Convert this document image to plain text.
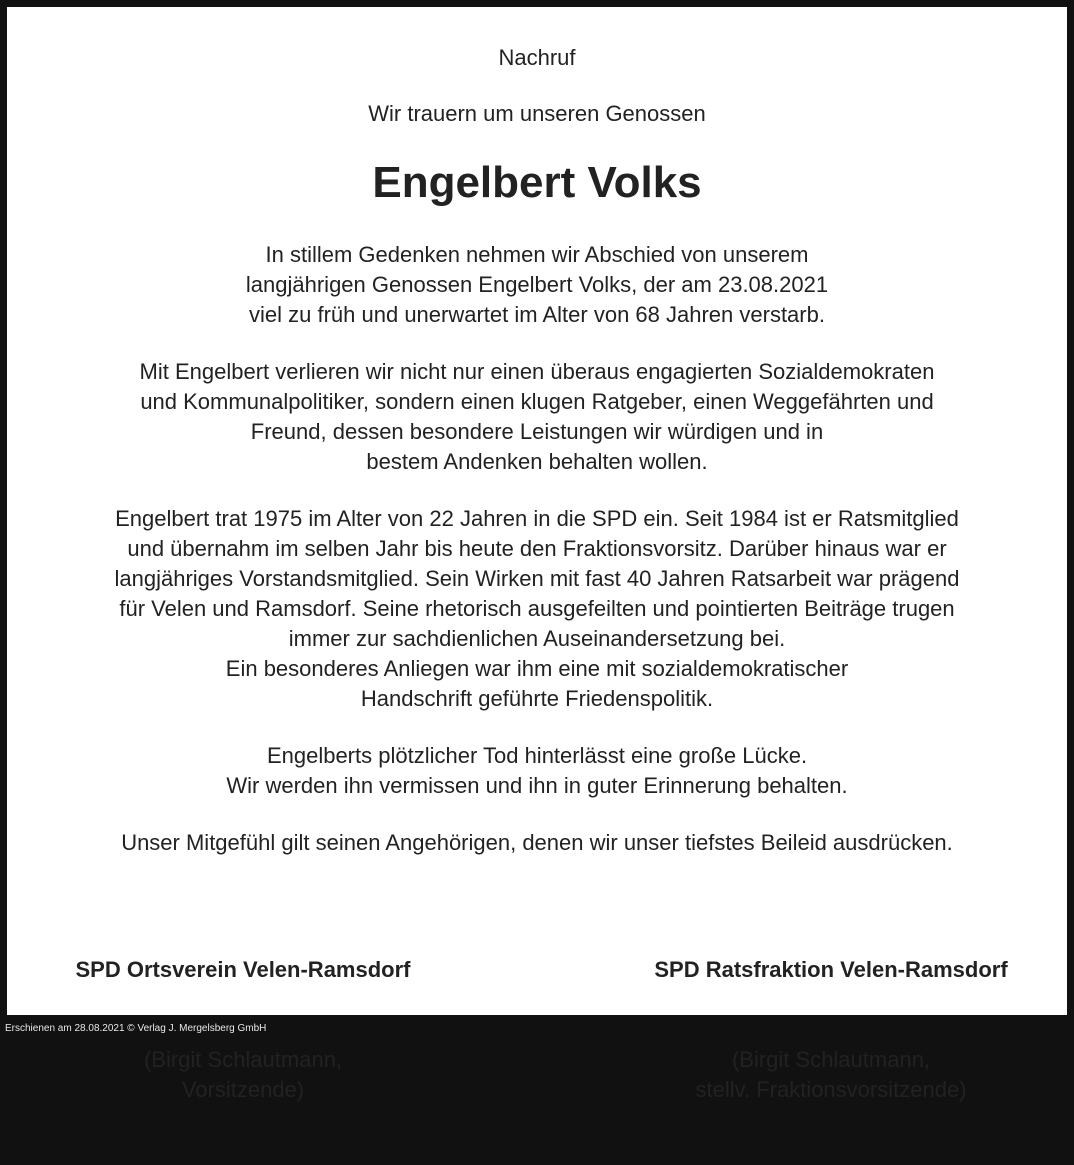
Nachruf
Wir trauern um unseren Genossen
Engelbert Volks
In stillem Gedenken nehmen wir Abschied von unserem
langjährigen Genossen Engelbert Volks, der am 23.08.2021
viel zu früh und unerwartet im Alter von 68 Jahren verstarb.
Mit Engelbert verlieren wir nicht nur einen überaus engagierten Sozialdemokraten
und Kommunalpolitiker, sondern einen klugen Ratgeber, einen Weggefährten und
Freund, dessen besondere Leistungen wir würdigen und in
bestem Andenken behalten wollen.
Engelbert trat 1975 im Alter von 22 Jahren in die SPD ein. Seit 1984 ist er Ratsmitglied
und übernahm im selben Jahr bis heute den Fraktionsvorsitz. Darüber hinaus war er
langjähriges Vorstandsmitglied. Sein Wirken mit fast 40 Jahren Ratsarbeit war prägend
für Velen und Ramsdorf. Seine rhetorisch ausgefeilten und pointierten Beiträge trugen
immer zur sachdienlichen Auseinandersetzung bei.
Ein besonderes Anliegen war ihm eine mit sozialdemokratischer
Handschrift geführte Friedenspolitik.
Engelberts plötzlicher Tod hinterlässt eine große Lücke.
Wir werden ihn vermissen und ihn in guter Erinnerung behalten.
Unser Mitgefühl gilt seinen Angehörigen, denen wir unser tiefstes Beileid ausdrücken.

SPD Ortsverein Velen-Ramsdorf

(Birgit Schlautmann,
Vorsitzende)

SPD Ratsfraktion Velen-Ramsdorf

(Birgit Schlautmann,
stellv. Fraktionsvorsitzende)

Erschienen am 28.08.2021 © Verlag J. Mergelsberg GmbH
